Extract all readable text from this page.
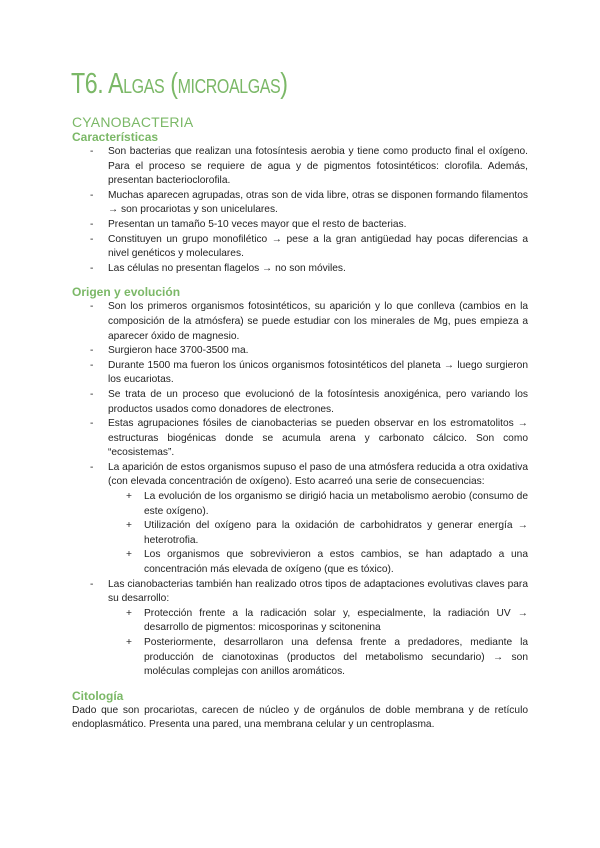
T6. Algas (microalgas)
CYANOBACTERIA
Características
- Son bacterias que realizan una fotosíntesis aerobia y tiene como producto final el oxígeno. Para el proceso se requiere de agua y de pigmentos fotosintéticos: clorofila. Además, presentan bacterioclorofila.
- Muchas aparecen agrupadas, otras son de vida libre, otras se disponen formando filamentos → son procariotas y son unicelulares.
- Presentan un tamaño 5-10 veces mayor que el resto de bacterias.
- Constituyen un grupo monofilético → pese a la gran antigüedad hay pocas diferencias a nivel genéticos y moleculares.
- Las células no presentan flagelos → no son móviles.
Origen y evolución
- Son los primeros organismos fotosintéticos, su aparición y lo que conlleva (cambios en la composición de la atmósfera) se puede estudiar con los minerales de Mg, pues empieza a aparecer óxido de magnesio.
- Surgieron hace 3700-3500 ma.
- Durante 1500 ma fueron los únicos organismos fotosintéticos del planeta → luego surgieron los eucariotas.
- Se trata de un proceso que evolucionó de la fotosíntesis anoxigénica, pero variando los productos usados como donadores de electrones.
- Estas agrupaciones fósiles de cianobacterias se pueden observar en los estromatolitos → estructuras biogénicas donde se acumula arena y carbonato cálcico. Son como “ecosistemas”.
- La aparición de estos organismos supuso el paso de una atmósfera reducida a otra oxidativa (con elevada concentración de oxígeno). Esto acarreó una serie de consecuencias:
+ La evolución de los organismo se dirigió hacia un metabolismo aerobio (consumo de este oxígeno).
+ Utilización del oxígeno para la oxidación de carbohidratos y generar energía → heterotrofia.
+ Los organismos que sobrevivieron a estos cambios, se han adaptado a una concentración más elevada de oxígeno (que es tóxico).
- Las cianobacterias también han realizado otros tipos de adaptaciones evolutivas claves para su desarrollo:
+ Protección frente a la radicación solar y, especialmente, la radiación UV → desarrollo de pigmentos: micosporinas y scitonenina
+ Posteriormente, desarrollaron una defensa frente a predadores, mediante la producción de cianotoxinas (productos del metabolismo secundario) → son moléculas complejas con anillos aromáticos.
Citología

Dado que son procariotas, carecen de núcleo y de orgánulos de doble membrana y de retículo endoplasmático. Presenta una pared, una membrana celular y un centroplasma.
